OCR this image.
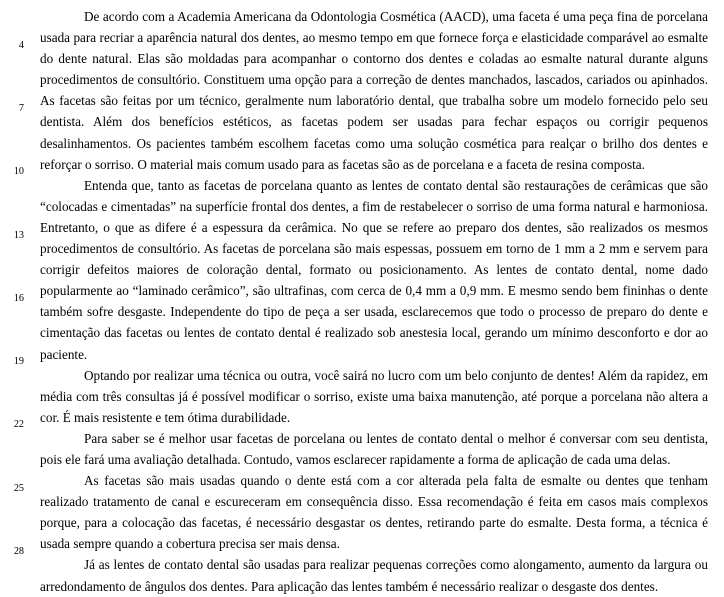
4
7
10
13
16
19
22
25
28

De acordo com a Academia Americana da Odontologia Cosmética (AACD), uma faceta é uma peça fina de porcelana usada para recriar a aparência natural dos dentes, ao mesmo tempo em que fornece força e elasticidade comparável ao esmalte do dente natural. Elas são moldadas para acompanhar o contorno dos dentes e coladas ao esmalte natural durante alguns procedimentos de consultório. Constituem uma opção para a correção de dentes manchados, lascados, cariados ou apinhados. As facetas são feitas por um técnico, geralmente num laboratório dental, que trabalha sobre um modelo fornecido pelo seu dentista. Além dos benefícios estéticos, as facetas podem ser usadas para fechar espaços ou corrigir pequenos desalinhamentos. Os pacientes também escolhem facetas como uma solução cosmética para realçar o brilho dos dentes e reforçar o sorriso. O material mais comum usado para as facetas são as de porcelana e a faceta de resina composta.

Entenda que, tanto as facetas de porcelana quanto as lentes de contato dental são restaurações de cerâmicas que são “colocadas e cimentadas” na superfície frontal dos dentes, a fim de restabelecer o sorriso de uma forma natural e harmoniosa. Entretanto, o que as difere é a espessura da cerâmica. No que se refere ao preparo dos dentes, são realizados os mesmos procedimentos de consultório. As facetas de porcelana são mais espessas, possuem em torno de 1 mm a 2 mm e servem para corrigir defeitos maiores de coloração dental, formato ou posicionamento. As lentes de contato dental, nome dado popularmente ao “laminado cerâmico”, são ultrafinas, com cerca de 0,4 mm a 0,9 mm. E mesmo sendo bem fininhas o dente também sofre desgaste. Independente do tipo de peça a ser usada, esclarecemos que todo o processo de preparo do dente e cimentação das facetas ou lentes de contato dental é realizado sob anestesia local, gerando um mínimo desconforto e dor ao paciente.

Optando por realizar uma técnica ou outra, você sairá no lucro com um belo conjunto de dentes! Além da rapidez, em média com três consultas já é possível modificar o sorriso, existe uma baixa manutenção, até porque a porcelana não altera a cor. É mais resistente e tem ótima durabilidade.

Para saber se é melhor usar facetas de porcelana ou lentes de contato dental o melhor é conversar com seu dentista, pois ele fará uma avaliação detalhada. Contudo, vamos esclarecer rapidamente a forma de aplicação de cada uma delas.

As facetas são mais usadas quando o dente está com a cor alterada pela falta de esmalte ou dentes que tenham realizado tratamento de canal e escureceram em consequência disso. Essa recomendação é feita em casos mais complexos porque, para a colocação das facetas, é necessário desgastar os dentes, retirando parte do esmalte. Desta forma, a técnica é usada sempre quando a cobertura precisa ser mais densa.

Já as lentes de contato dental são usadas para realizar pequenas correções como alongamento, aumento da largura ou arredondamento de ângulos dos dentes. Para aplicação das lentes também é necessário realizar o desgaste dos dentes.
